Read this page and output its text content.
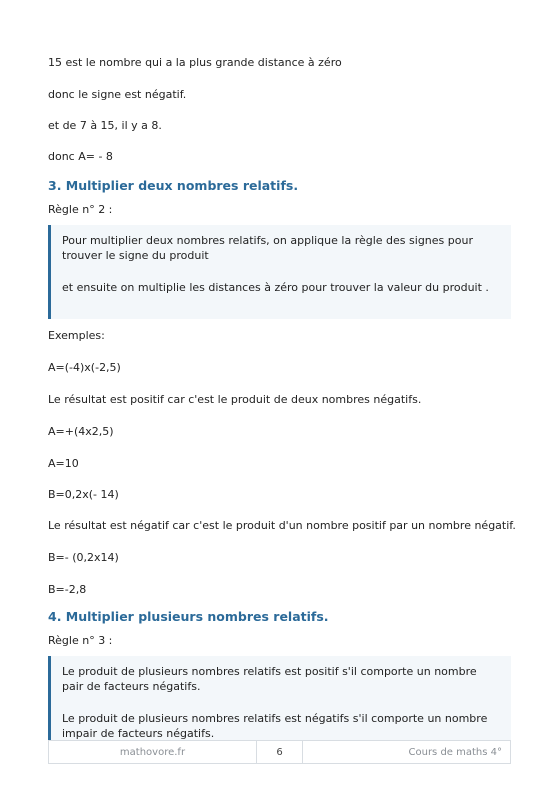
15 est le nombre qui a la plus grande distance à zéro

donc le signe est négatif.

et de 7 à 15, il y a 8.

donc A= - 8

3. Multiplier deux nombres relatifs.

Règle n° 2 :

Pour multiplier deux nombres relatifs, on applique la règle des signes pour trouver le signe du produit

et ensuite on multiplie les distances à zéro pour trouver la valeur du produit .

Exemples:

A=(-4)x(-2,5)

Le résultat est positif car c'est le produit de deux nombres négatifs.

A=+(4x2,5)

A=10

B=0,2x(- 14)

Le résultat est négatif car c'est le produit d'un nombre positif par un nombre négatif.

B=- (0,2x14)

B=-2,8

4. Multiplier plusieurs nombres relatifs.

Règle n° 3 :

Le produit de plusieurs nombres relatifs est positif s'il comporte un nombre pair de facteurs négatifs.

Le produit de plusieurs nombres relatifs est négatifs s'il comporte un nombre impair de facteurs négatifs.

mathovore.fr	6	Cours de maths 4°
